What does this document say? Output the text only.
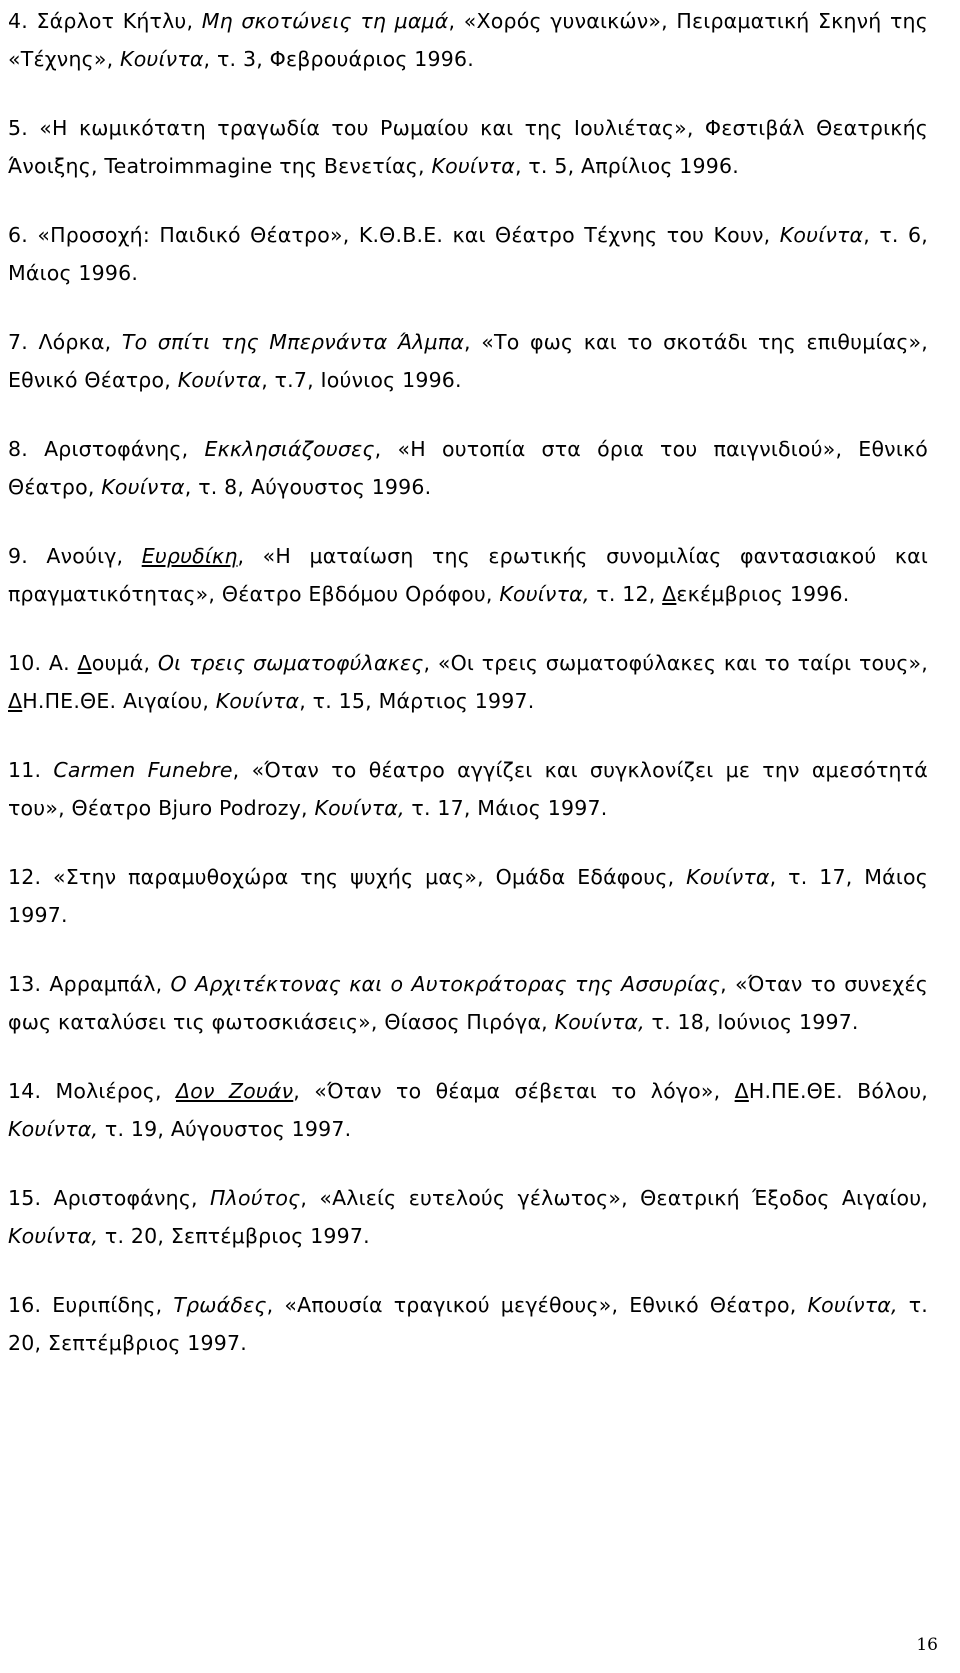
4. Σάρλοτ Κήτλυ, Μη σκοτώνεις τη μαμά, «Χορός γυναικών», Πειραματική Σκηνή της «Τέχνης», Κουίντα, τ. 3, Φεβρουάριος 1996.
5. «Η κωμικότατη τραγωδία του Ρωμαίου και της Ιουλιέτας», Φεστιβάλ Θεατρικής Άνοιξης, Teatroimmagine της Βενετίας, Κουίντα, τ. 5, Απρίλιος 1996.
6. «Προσοχή: Παιδικό Θέατρο», Κ.Θ.Β.Ε. και Θέατρο Τέχνης του Κουν, Κουίντα, τ. 6, Μάιος 1996.
7. Λόρκα, Το σπίτι της Μπερνάντα Άλμπα, «Το φως και το σκοτάδι της επιθυμίας», Εθνικό Θέατρο, Κουίντα, τ.7, Ιούνιος 1996.
8. Αριστοφάνης, Εκκλησιάζουσες, «Η ουτοπία στα όρια του παιγνιδιού», Εθνικό Θέατρο, Κουίντα, τ. 8, Αύγουστος 1996.
9. Ανούιγ, Ευρυδίκη, «Η ματαίωση της ερωτικής συνομιλίας φαντασιακού και πραγματικότητας», Θέατρο Εβδόμου Ορόφου, Κουίντα, τ. 12, Δεκέμβριος 1996.
10. Α. Δουμά, Οι τρεις σωματοφύλακες, «Οι τρεις σωματοφύλακες και το ταίρι τους», ΔΗ.ΠΕ.ΘΕ. Αιγαίου, Κουίντα, τ. 15, Μάρτιος 1997.
11. Carmen Funebre, «Όταν το θέατρο αγγίζει και συγκλονίζει με την αμεσότητά του», Θέατρο Bjuro Podrozy, Κουίντα, τ. 17, Μάιος 1997.
12. «Στην παραμυθοχώρα της ψυχής μας», Ομάδα Εδάφους, Κουίντα, τ. 17, Μάιος 1997.
13. Αρραμπάλ, Ο Αρχιτέκτονας και ο Αυτοκράτορας της Ασσυρίας, «Όταν το συνεχές φως καταλύσει τις φωτοσκιάσεις», Θίασος Πιρόγα, Κουίντα, τ. 18, Ιούνιος 1997.
14. Μολιέρος, Δον Ζουάν, «Όταν το θέαμα σέβεται το λόγο», ΔΗ.ΠΕ.ΘΕ. Βόλου, Κουίντα, τ. 19, Αύγουστος 1997.
15. Αριστοφάνης, Πλούτος, «Αλιείς ευτελούς γέλωτος», Θεατρική Έξοδος Αιγαίου, Κουίντα, τ. 20, Σεπτέμβριος 1997.
16. Ευριπίδης, Τρωάδες, «Απουσία τραγικού μεγέθους», Εθνικό Θέατρο, Κουίντα, τ. 20, Σεπτέμβριος 1997.
16
